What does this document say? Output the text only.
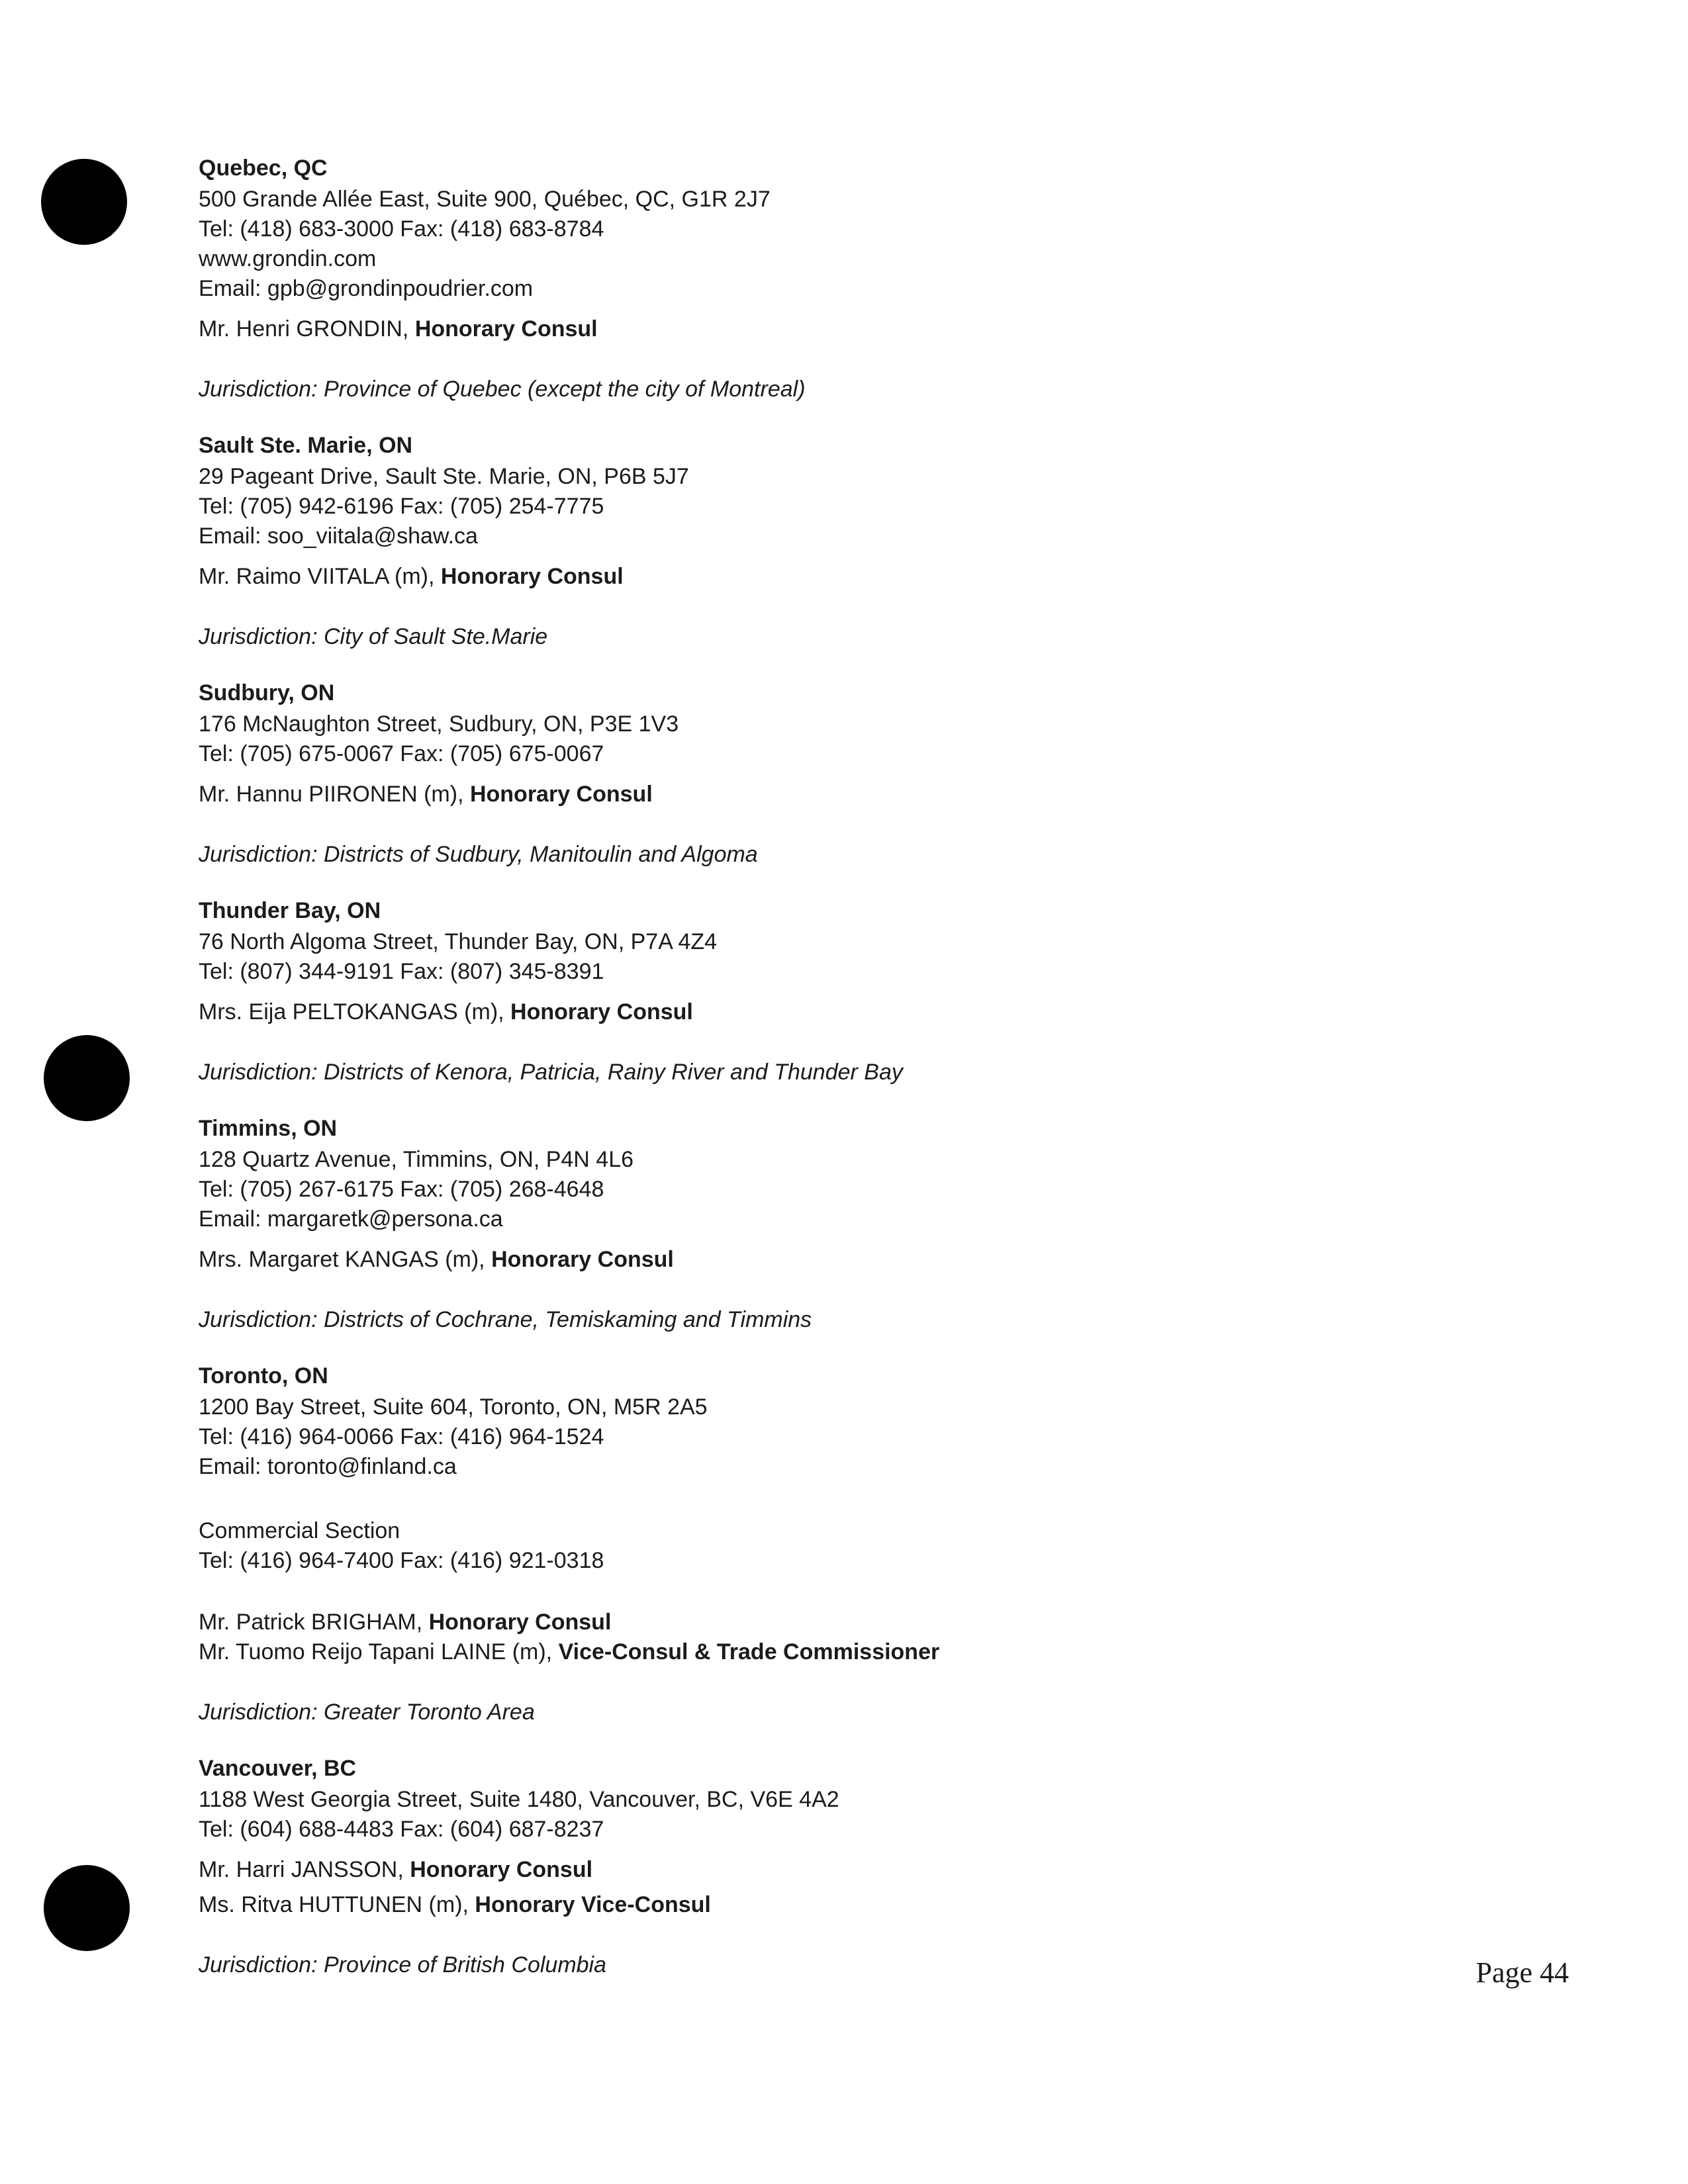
Quebec, QC

500 Grande Allée East, Suite 900, Québec, QC, G1R 2J7

Tel: (418) 683-3000 Fax: (418) 683-8784

www.grondin.com

Email: gpb@grondinpoudrier.com

Mr. Henri GRONDIN, Honorary Consul

Jurisdiction: Province of Quebec (except the city of Montreal)

Sault Ste. Marie, ON

29 Pageant Drive, Sault Ste. Marie, ON, P6B 5J7

Tel: (705) 942-6196 Fax: (705) 254-7775

Email: soo_viitala@shaw.ca

Mr. Raimo VIITALA (m), Honorary Consul

Jurisdiction: City of Sault Ste.Marie

Sudbury, ON

176 McNaughton Street, Sudbury, ON, P3E 1V3

Tel: (705) 675-0067 Fax: (705) 675-0067

Mr. Hannu PIIRONEN (m), Honorary Consul

Jurisdiction: Districts of Sudbury, Manitoulin and Algoma

Thunder Bay, ON

76 North Algoma Street, Thunder Bay, ON, P7A 4Z4

Tel: (807) 344-9191 Fax: (807) 345-8391

Mrs. Eija PELTOKANGAS (m), Honorary Consul

Jurisdiction: Districts of Kenora, Patricia, Rainy River and Thunder Bay

Timmins, ON

128 Quartz Avenue, Timmins, ON, P4N 4L6

Tel: (705) 267-6175 Fax: (705) 268-4648

Email: margaretk@persona.ca

Mrs. Margaret KANGAS (m), Honorary Consul

Jurisdiction: Districts of Cochrane, Temiskaming and Timmins

Toronto, ON

1200 Bay Street, Suite 604, Toronto, ON, M5R 2A5

Tel: (416) 964-0066 Fax: (416) 964-1524

Email: toronto@finland.ca

Commercial Section

Tel: (416) 964-7400 Fax: (416) 921-0318

Mr. Patrick BRIGHAM, Honorary Consul

Mr. Tuomo Reijo Tapani LAINE (m), Vice-Consul & Trade Commissioner

Jurisdiction: Greater Toronto Area

Vancouver, BC

1188 West Georgia Street, Suite 1480, Vancouver, BC, V6E 4A2

Tel: (604) 688-4483 Fax: (604) 687-8237

Mr. Harri JANSSON, Honorary Consul

Ms. Ritva HUTTUNEN (m), Honorary Vice-Consul

Jurisdiction: Province of British Columbia	Page 44
